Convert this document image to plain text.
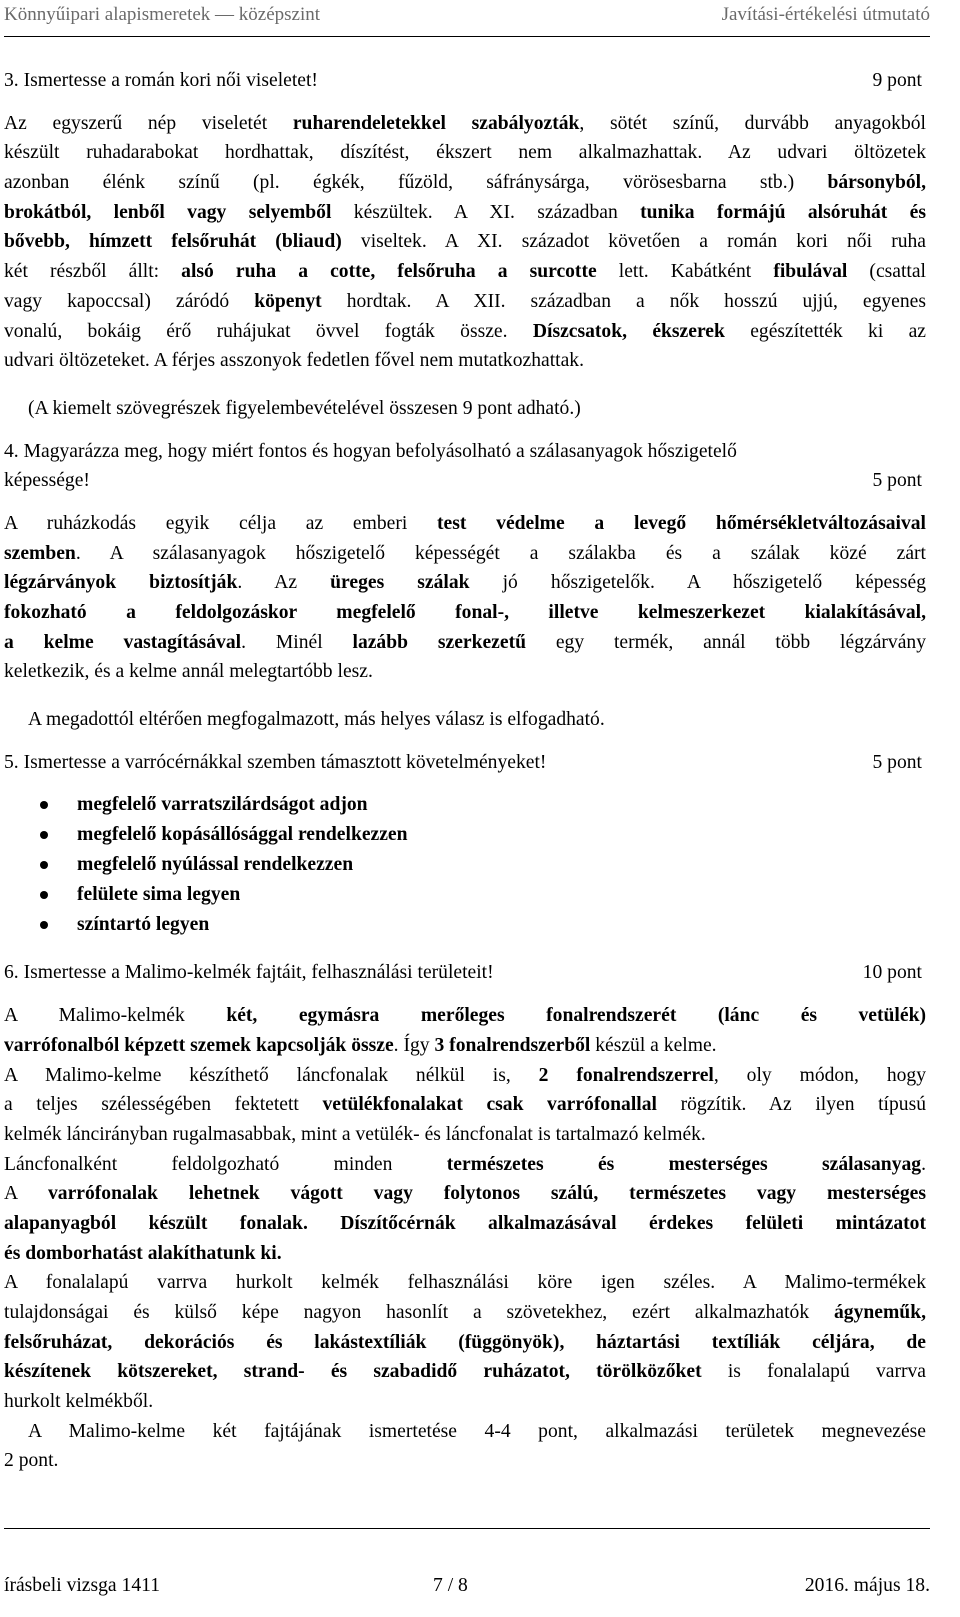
Könnyűipari alapismeretek — középszint	Javítási-értékelési útmutató
3. Ismertesse a román kori női viseletet!	9 pont
Az egyszerű nép viseletét ruharendeletekkel szabályozták, sötét színű, durvább anyagokból
készült ruhadarabokat hordhattak, díszítést, ékszert nem alkalmazhattak. Az udvari öltözetek
azonban élénk színű (pl. égkék, fűzöld, sáfránysárga, vörösesbarna stb.) bársonyból,
brokátból, lenből vagy selyemből készültek. A XI. században tunika formájú alsóruhát és
bővebb, hímzett felsőruhát (bliaud) viseltek. A XI. századot követően a román kori női ruha
két részből állt: alsó ruha a cotte, felsőruha a surcotte lett. Kabátként fibulával (csattal
vagy kapoccsal) záródó köpenyt hordtak. A XII. században a nők hosszú ujjú, egyenes
vonalú, bokáig érő ruhájukat övvel fogták össze. Díszcsatok, ékszerek egészítették ki az
udvari öltözeteket. A férjes asszonyok fedetlen fővel nem mutatkozhattak.
(A kiemelt szövegrészek figyelembevételével összesen 9 pont adható.)
4. Magyarázza meg, hogy miért fontos és hogyan befolyásolható a szálasanyagok hőszigetelő
képessége!	5 pont
A ruházkodás egyik célja az emberi test védelme a levegő hőmérsékletváltozásaival
szemben. A szálasanyagok hőszigetelő képességét a szálakba és a szálak közé zárt
légzárványok biztosítják. Az üreges szálak jó hőszigetelők. A hőszigetelő képesség
fokozható a feldolgozáskor megfelelő fonal-, illetve kelmeszerkezet kialakításával,
a kelme vastagításával. Minél lazább szerkezetű egy termék, annál több légzárvány
keletkezik, és a kelme annál melegtartóbb lesz.
A megadottól eltérően megfogalmazott, más helyes válasz is elfogadható.
5. Ismertesse a varrócérnákkal szemben támasztott követelményeket!	5 pont
megfelelő varratszilárdságot adjon
megfelelő kopásállósággal rendelkezzen
megfelelő nyúlással rendelkezzen
felülete sima legyen
színtartó legyen
6. Ismertesse a Malimo-kelmék fajtáit, felhasználási területeit!	10 pont
A Malimo-kelmék két, egymásra merőleges fonalrendszerét (lánc és vetülék)
varrófonalból képzett szemek kapcsolják össze. Így 3 fonalrendszerből készül a kelme.
A Malimo-kelme készíthető láncfonalak nélkül is, 2 fonalrendszerrel, oly módon, hogy
a teljes szélességében fektetett vetülékfonalakat csak varrófonallal rögzítik. Az ilyen típusú
kelmék láncirányban rugalmasabbak, mint a vetülék- és láncfonalat is tartalmazó kelmék.
Láncfonalként feldolgozható minden természetes és mesterséges szálasanyag.
A varrófonalak lehetnek vágott vagy folytonos szálú, természetes vagy mesterséges
alapanyagból készült fonalak. Díszítőcérnák alkalmazásával érdekes felületi mintázatot
és domborhatást alakíthatunk ki.
A fonalalapú varrva hurkolt kelmék felhasználási köre igen széles. A Malimo-termékek
tulajdonságai és külső képe nagyon hasonlít a szövetekhez, ezért alkalmazhatók ágyneműk,
felsőruházat, dekorációs és lakástextíliák (függönyök), háztartási textíliák céljára, de
készítenek kötszereket, strand- és szabadidő ruházatot, törölközőket is fonalalapú varrva
hurkolt kelmékből.
A Malimo-kelme két fajtájának ismertetése 4-4 pont, alkalmazási területek megnevezése
2 pont.
írásbeli vizsga 1411	7 / 8	2016. május 18.
